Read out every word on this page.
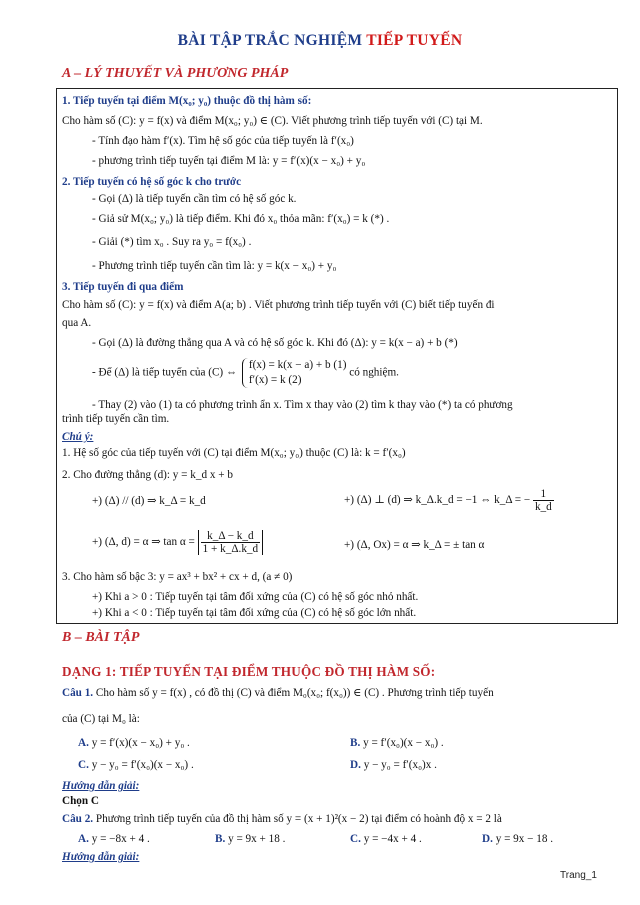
BÀI TẬP TRẮC NGHIỆM TIẾP TUYẾN
A – LÝ THUYẾT VÀ PHƯƠNG PHÁP
1. Tiếp tuyến tại điểm M(x₀; y₀) thuộc đồ thị hàm số:
Cho hàm số (C): y = f(x) và điểm M(x₀; y₀) ∈ (C). Viết phương trình tiếp tuyến với (C) tại M.
- Tính đạo hàm f′(x). Tìm hệ số góc của tiếp tuyến là f′(x₀)
- phương trình tiếp tuyến tại điểm M là: y = f′(x)(x − x₀) + y₀
2. Tiếp tuyến có hệ số góc k cho trước
- Gọi (Δ) là tiếp tuyến cần tìm có hệ số góc k.
- Giả sử M(x₀; y₀) là tiếp điểm. Khi đó x₀ thỏa mãn: f′(x₀) = k (*) .
- Giải (*) tìm x₀ . Suy ra y₀ = f(x₀) .
- Phương trình tiếp tuyến cần tìm là: y = k(x − x₀) + y₀
3. Tiếp tuyến đi qua điểm
Cho hàm số (C): y = f(x) và điểm A(a; b) . Viết phương trình tiếp tuyến với (C) biết tiếp tuyến đi
qua A.
- Gọi (Δ) là đường thẳng qua A và có hệ số góc k. Khi đó (Δ): y = k(x − a) + b (*)
- Để (Δ) là tiếp tuyến của (C) ⇔
f(x) = k(x − a) + b (1)
f′(x) = k (2)
có nghiệm.
- Thay (2) vào (1) ta có phương trình ẩn x. Tìm x thay vào (2) tìm k thay vào (*) ta có phương
trình tiếp tuyến cần tìm.
Chú ý:
1. Hệ số góc của tiếp tuyến với (C) tại điểm M(x₀; y₀) thuộc (C) là: k = f′(x₀)
2. Cho đường thẳng (d): y = k_d x + b
+) (Δ) // (d) ⇒ k_Δ = k_d	+) (Δ) ⊥ (d) ⇒ k_Δ.k_d = −1 ⇔ k_Δ = − $\frac{1}{k\_d}$
+) (Δ, d) = α ⇒ $\tan \alpha = \frac{k\_\Delta - k\_d}{1 + k\_\Delta.k\_d}$	+) (Δ, Ox) = α ⇒ k_Δ = ± tan α
3. Cho hàm số bậc 3: y = ax³ + bx² + cx + d, (a ≠ 0)
+) Khi a > 0 : Tiếp tuyến tại tâm đối xứng của (C) có hệ số góc nhỏ nhất.
+) Khi a < 0 : Tiếp tuyến tại tâm đối xứng của (C) có hệ số góc lớn nhất.
B – BÀI TẬP
DẠNG 1: TIẾP TUYẾN TẠI ĐIỂM THUỘC ĐỒ THỊ HÀM SỐ:
Câu 1. Cho hàm số y = f(x) , có đồ thị (C) và điểm M₀(x₀; f(x₀)) ∈ (C) . Phương trình tiếp tuyến
của (C) tại M₀ là:
A. y = f′(x)(x − x₀) + y₀ .	B. y = f′(x₀)(x − x₀) .
C. y − y₀ = f′(x₀)(x − x₀) .	D. y − y₀ = f′(x₀)x .
Hướng dẫn giải:
Chọn C
Câu 2. Phương trình tiếp tuyến của đồ thị hàm số y = (x + 1)²(x − 2) tại điểm có hoành độ x = 2 là
A. y = −8x + 4 .	B. y = 9x + 18 .	C. y = −4x + 4 .	D. y = 9x − 18 .
Hướng dẫn giải:
Trang_1
